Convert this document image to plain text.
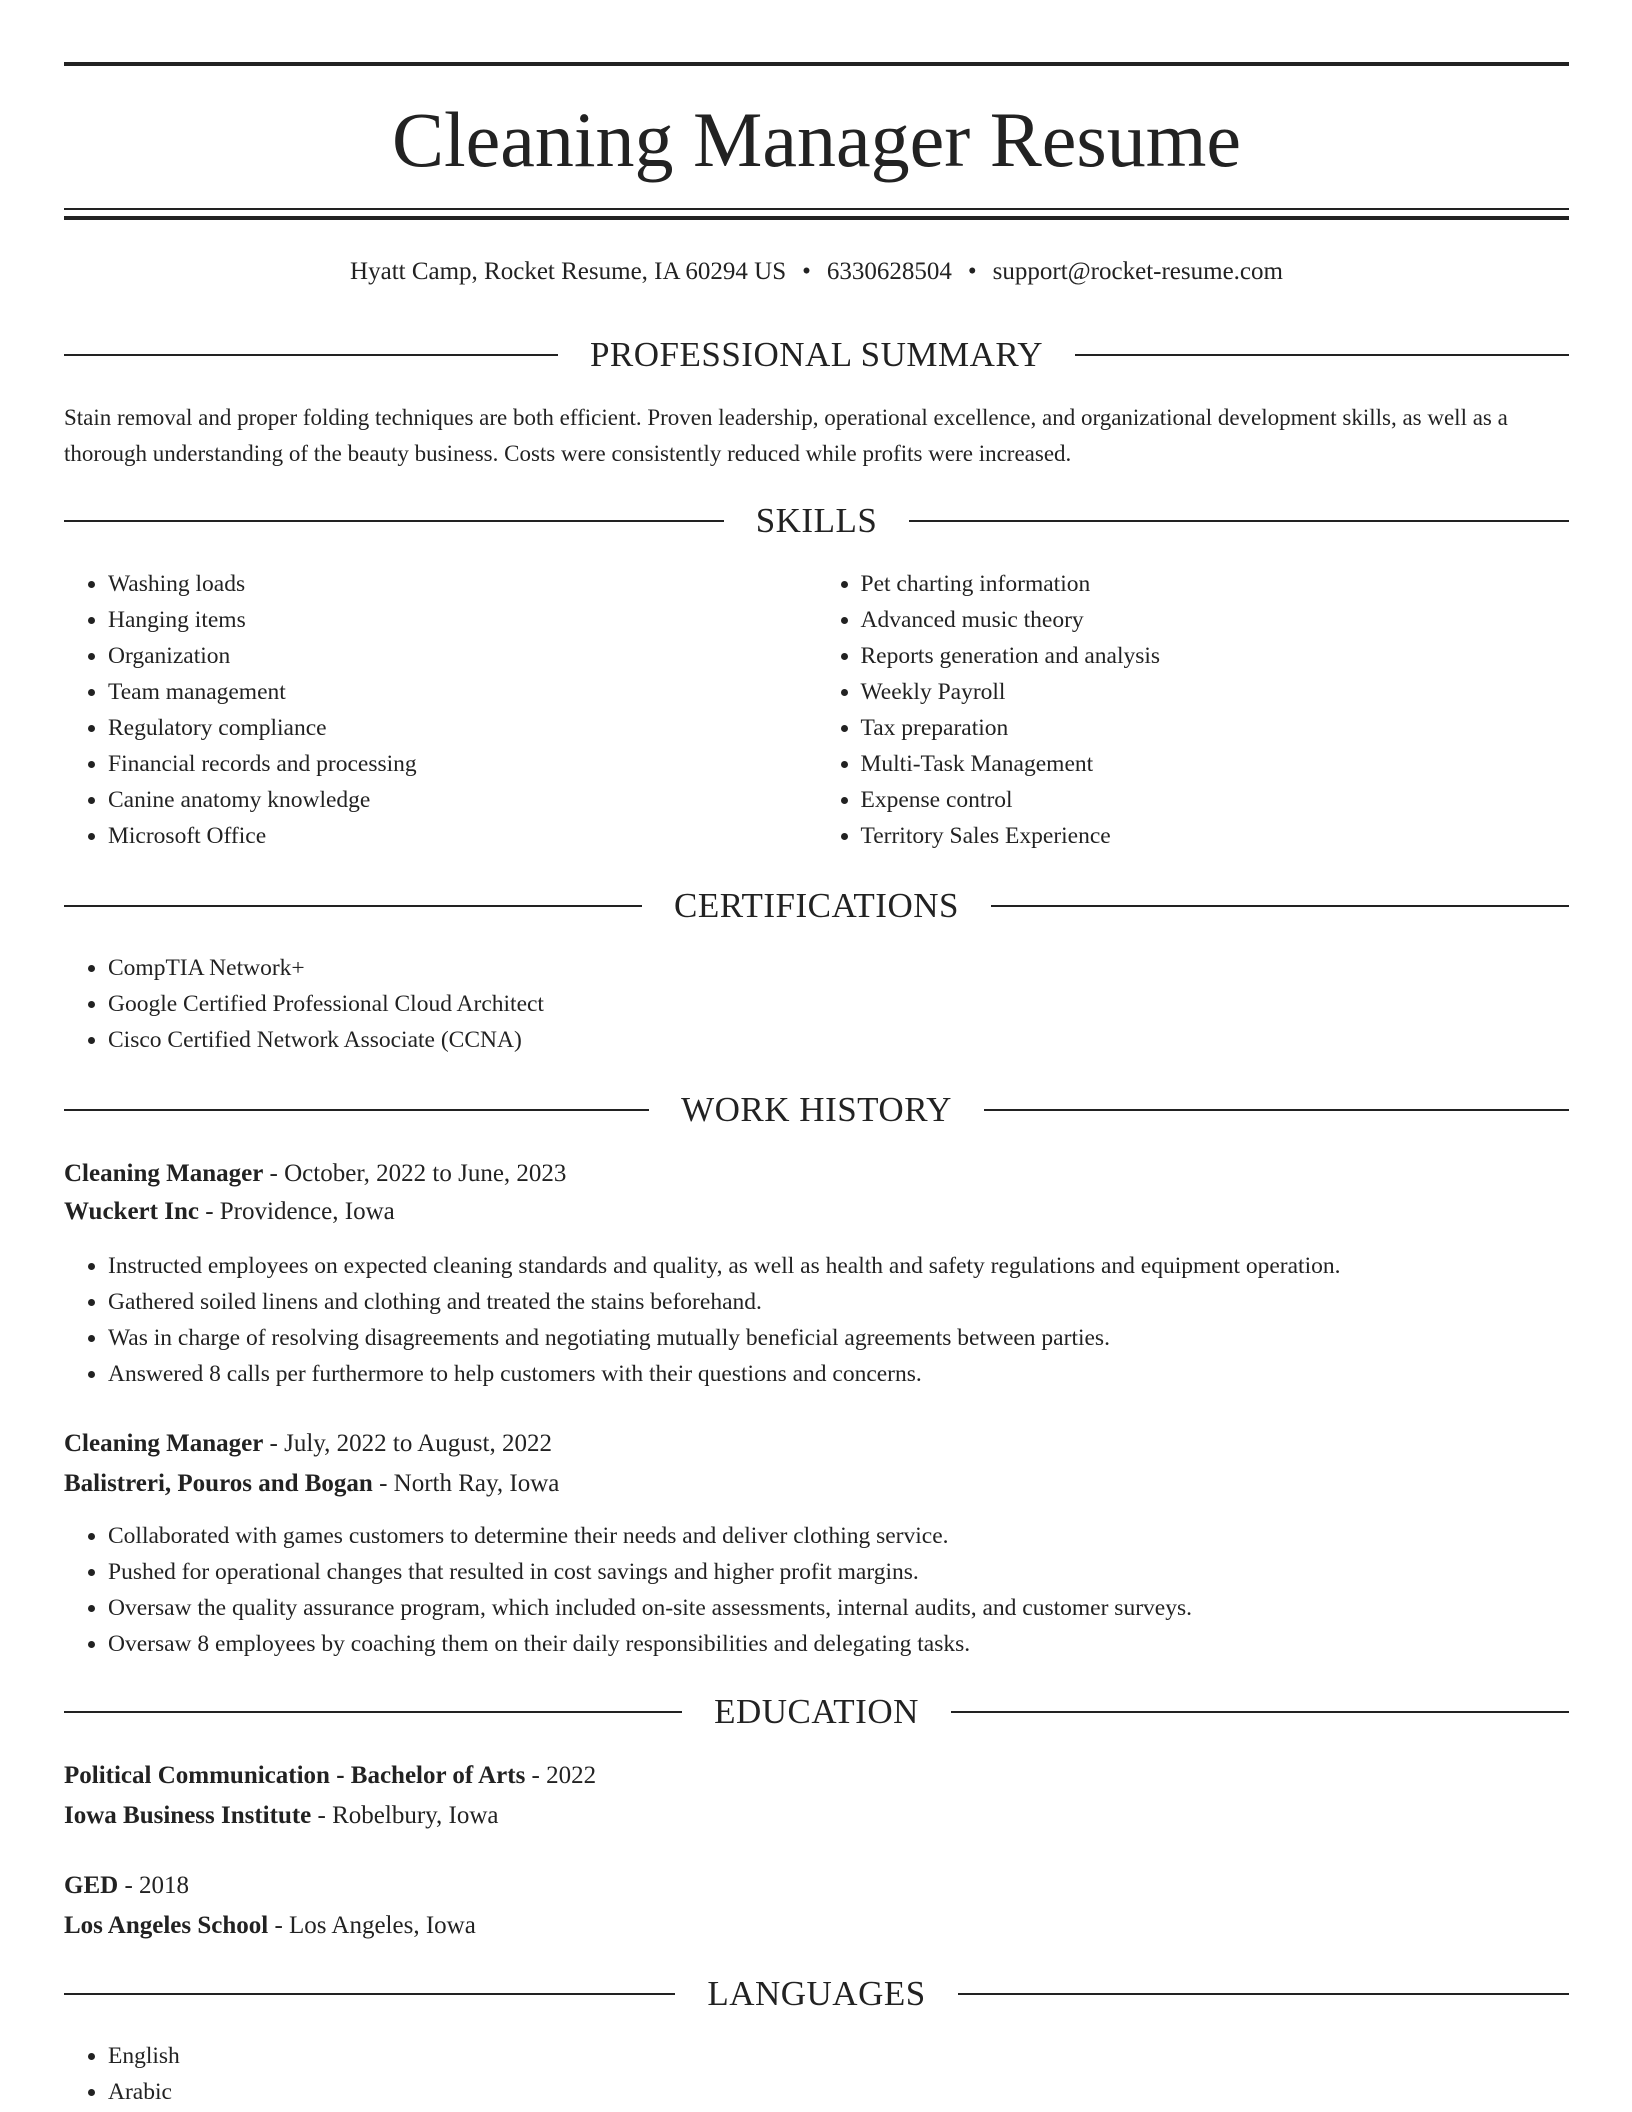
Cleaning Manager Resume
Hyatt Camp, Rocket Resume, IA 60294 US • 6330628504 • support@rocket-resume.com
PROFESSIONAL SUMMARY

Stain removal and proper folding techniques are both efficient. Proven leadership, operational excellence, and organizational development skills, as well as a thorough understanding of the beauty business. Costs were consistently reduced while profits were increased.

SKILLS
• Washing loads
• Hanging items
• Organization
• Team management
• Regulatory compliance
• Financial records and processing
• Canine anatomy knowledge
• Microsoft Office
• Pet charting information
• Advanced music theory
• Reports generation and analysis
• Weekly Payroll
• Tax preparation
• Multi-Task Management
• Expense control
• Territory Sales Experience
CERTIFICATIONS
• CompTIA Network+
• Google Certified Professional Cloud Architect
• Cisco Certified Network Associate (CCNA)
WORK HISTORY
Cleaning Manager - October, 2022 to June, 2023
Wuckert Inc - Providence, Iowa
• Instructed employees on expected cleaning standards and quality, as well as health and safety regulations and equipment operation.
• Gathered soiled linens and clothing and treated the stains beforehand.
• Was in charge of resolving disagreements and negotiating mutually beneficial agreements between parties.
• Answered 8 calls per furthermore to help customers with their questions and concerns.
Cleaning Manager - July, 2022 to August, 2022
Balistreri, Pouros and Bogan - North Ray, Iowa
• Collaborated with games customers to determine their needs and deliver clothing service.
• Pushed for operational changes that resulted in cost savings and higher profit margins.
• Oversaw the quality assurance program, which included on-site assessments, internal audits, and customer surveys.
• Oversaw 8 employees by coaching them on their daily responsibilities and delegating tasks.
EDUCATION
Political Communication - Bachelor of Arts - 2022
Iowa Business Institute - Robelbury, Iowa
GED - 2018
Los Angeles School - Los Angeles, Iowa
LANGUAGES
• English
• Arabic
